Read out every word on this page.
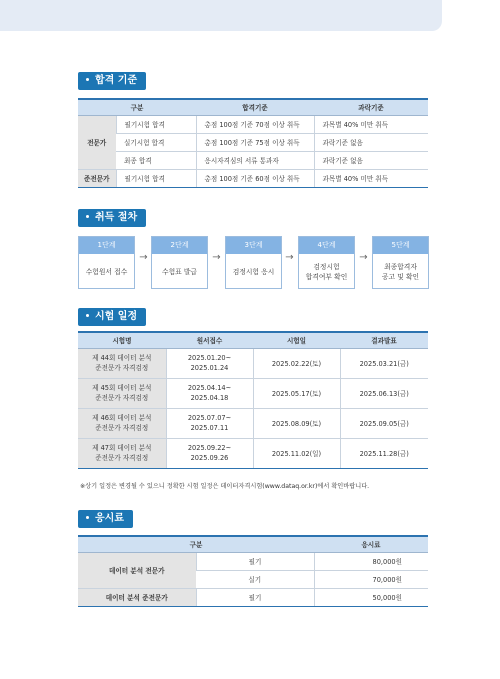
합격 기준
구분		합격기준	과락기준
전문가	필기시험 합격	총점 100점 기준 70점 이상 취득	과목별 40% 미만 취득
	실기시험 합격	총점 100점 기준 75점 이상 취득	과락기준 없음
	최종 합격	응시자격심의 서류 통과자	과락기준 없음
준전문가	필기시험 합격	총점 100점 기준 60점 이상 취득	과목별 40% 미만 취득
취득 절차
1단계
수험원서 접수
→
2단계
수험표 발급
→
3단계
검정시험 응시
→
4단계
검정시험
합격여부 확인
→
5단계
최종합격자
공고 및 확인
시험 일정
시험명	원서접수	시험일	결과발표
제 44회 데이터 분석
준전문가 자격검정	2025.01.20~
2025.01.24	2025.02.22(토)	2025.03.21(금)
제 45회 데이터 분석
준전문가 자격검정	2025.04.14~
2025.04.18	2025.05.17(토)	2025.06.13(금)
제 46회 데이터 분석
준전문가 자격검정	2025.07.07~
2025.07.11	2025.08.09(토)	2025.09.05(금)
제 47회 데이터 분석
준전문가 자격검정	2025.09.22~
2025.09.26	2025.11.02(일)	2025.11.28(금)
※상기 일정은 변경될 수 있으니 정확한 시험 일정은 데이터자격시험(www.dataq.or.kr)에서 확인바랍니다.
응시료
구분		응시료
데이터 분석 전문가	필기	80,000원
	실기	70,000원
데이터 분석 준전문가	필기	50,000원
